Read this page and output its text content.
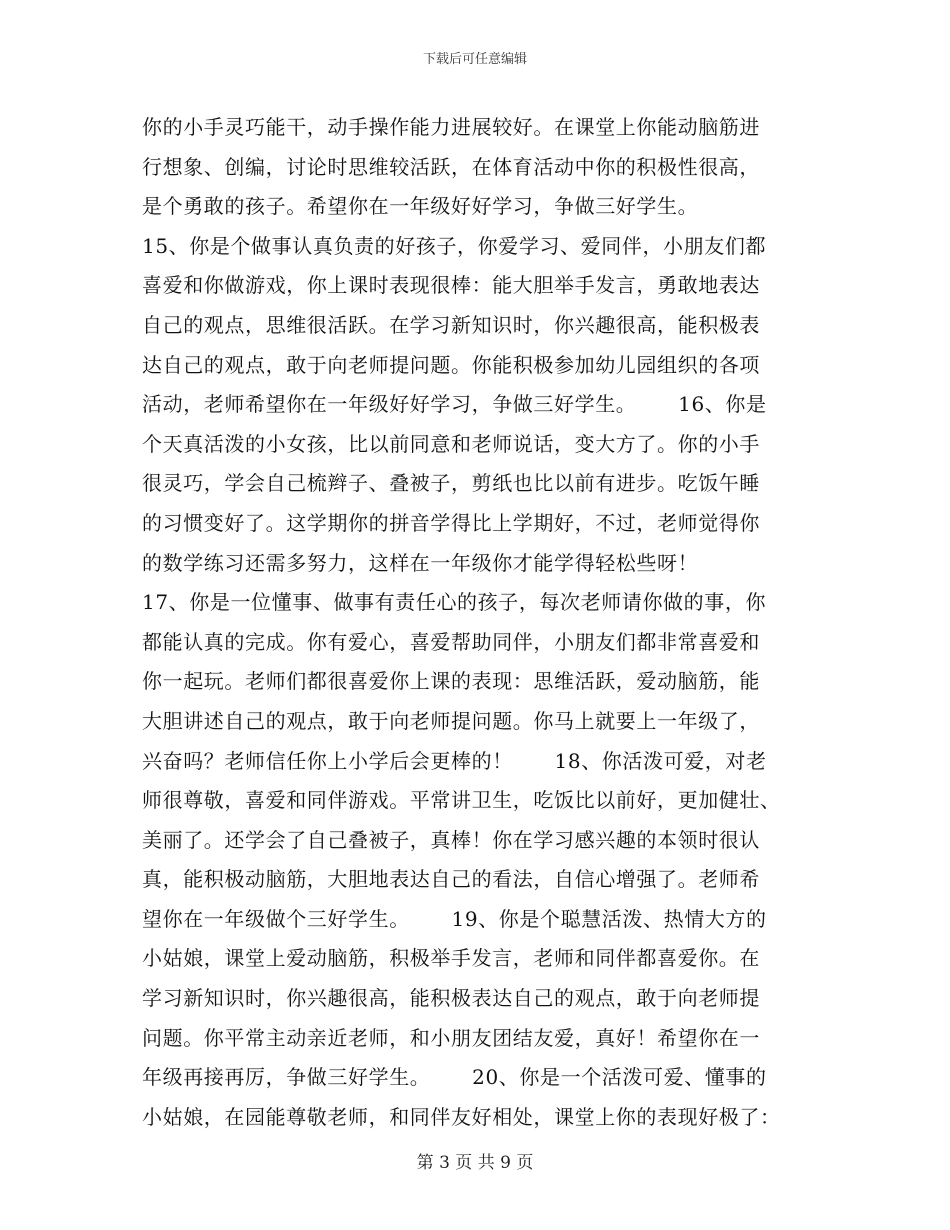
下载后可任意编辑
你的小手灵巧能干，动手操作能力进展较好。在课堂上你能动脑筋进
行想象、创编，讨论时思维较活跃，在体育活动中你的积极性很高，
是个勇敢的孩子。希望你在一年级好好学习，争做三好学生。
15、你是个做事认真负责的好孩子，你爱学习、爱同伴，小朋友们都
喜爱和你做游戏，你上课时表现很棒：能大胆举手发言，勇敢地表达
自己的观点，思维很活跃。在学习新知识时，你兴趣很高，能积极表
达自己的观点，敢于向老师提问题。你能积极参加幼儿园组织的各项
活动，老师希望你在一年级好好学习，争做三好学生。      16、你是
个天真活泼的小女孩，比以前同意和老师说话，变大方了。你的小手
很灵巧，学会自己梳辫子、叠被子，剪纸也比以前有进步。吃饭午睡
的习惯变好了。这学期你的拼音学得比上学期好，不过，老师觉得你
的数学练习还需多努力，这样在一年级你才能学得轻松些呀！
17、你是一位懂事、做事有责任心的孩子，每次老师请你做的事，你
都能认真的完成。你有爱心，喜爱帮助同伴，小朋友们都非常喜爱和
你一起玩。老师们都很喜爱你上课的表现：思维活跃，爱动脑筋，能
大胆讲述自己的观点，敢于向老师提问题。你马上就要上一年级了，
兴奋吗？老师信任你上小学后会更棒的！      18、你活泼可爱，对老
师很尊敬，喜爱和同伴游戏。平常讲卫生，吃饭比以前好，更加健壮、
美丽了。还学会了自己叠被子，真棒！你在学习感兴趣的本领时很认
真，能积极动脑筋，大胆地表达自己的看法，自信心增强了。老师希
望你在一年级做个三好学生。      19、你是个聪慧活泼、热情大方的
小姑娘，课堂上爱动脑筋，积极举手发言，老师和同伴都喜爱你。在
学习新知识时，你兴趣很高，能积极表达自己的观点，敢于向老师提
问题。你平常主动亲近老师，和小朋友团结友爱，真好！希望你在一
年级再接再厉，争做三好学生。      20、你是一个活泼可爱、懂事的
小姑娘，在园能尊敬老师，和同伴友好相处，课堂上你的表现好极了：
第 3 页 共 9 页
